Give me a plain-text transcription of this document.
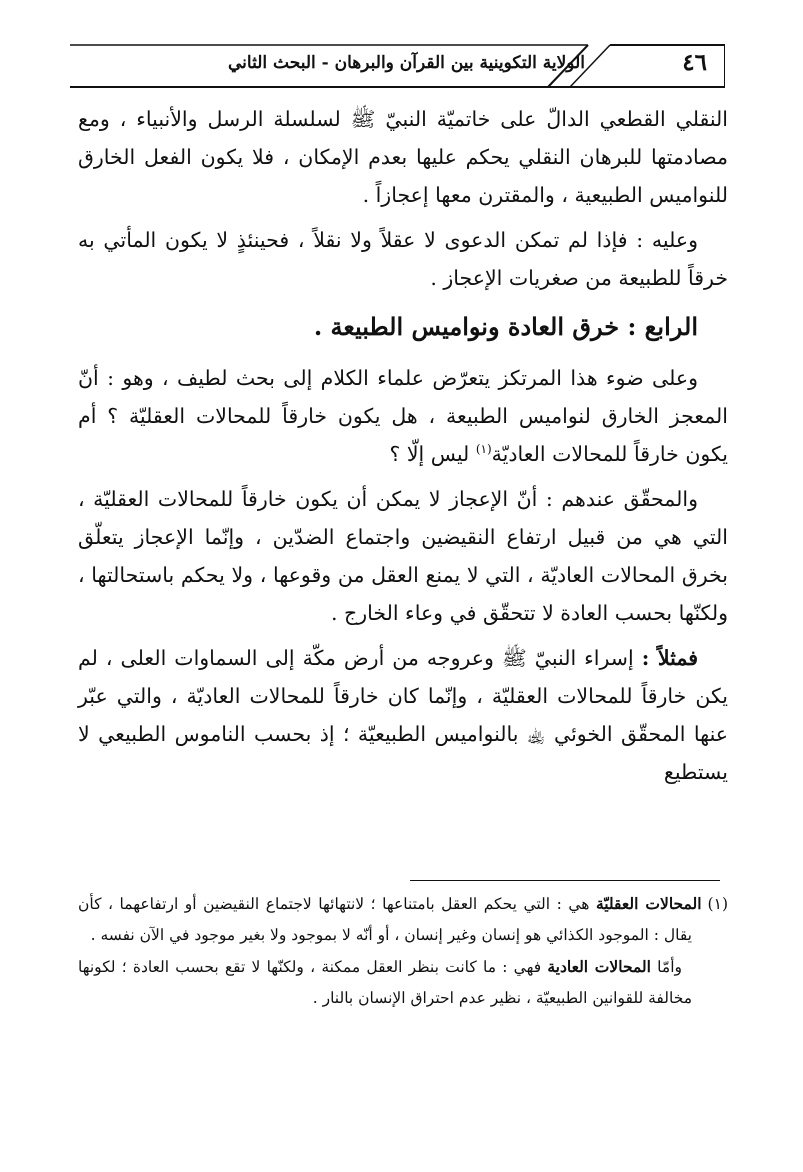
الولاية التكوينية بين القرآن والبرهان - البحث الثاني	٤٦

النقلي القطعي الدالّ على خاتميّة النبيّ ﷺ لسلسلة الرسل والأنبياء ، ومع مصادمتها للبرهان النقلي يحكم عليها بعدم الإمكان ، فلا يكون الفعل الخارق للنواميس الطبيعية ، والمقترن معها إعجازاً .

وعليه : فإذا لم تمكن الدعوى لا عقلاً ولا نقلاً ، فحينئذٍ لا يكون المأتي به خرقاً للطبيعة من صغريات الإعجاز .

الرابع : خرق العادة ونواميس الطبيعة .

وعلى ضوء هذا المرتكز يتعرّض علماء الكلام إلى بحث لطيف ، وهو : أنّ المعجز الخارق لنواميس الطبيعة ، هل يكون خارقاً للمحالات العقليّة ؟ أم يكون خارقاً للمحالات العاديّة$^{(١)}$ ليس إلّا ؟

والمحقّق عندهم : أنّ الإعجاز لا يمكن أن يكون خارقاً للمحالات العقليّة ، التي هي من قبيل ارتفاع النقيضين واجتماع الضدّين ، وإنّما الإعجاز يتعلّق بخرق المحالات العاديّة ، التي لا يمنع العقل من وقوعها ، ولا يحكم باستحالتها ، ولكنّها بحسب العادة لا تتحقّق في وعاء الخارج .

فمثلاً : إسراء النبيّ ﷺ وعروجه من أرض مكّة إلى السماوات العلى ، لم يكن خارقاً للمحالات العقليّة ، وإنّما كان خارقاً للمحالات العاديّة ، والتي عبّر عنها المحقّق الخوئي ﵀ بالنواميس الطبيعيّة ؛ إذ بحسب الناموس الطبيعي لا يستطيع

(١)المحالات العقليّة هي : التي يحكم العقل بامتناعها ؛ لانتهائها لاجتماع النقيضين أو ارتفاعهما ، كأن يقال : الموجود الكذائي هو إنسان وغير إنسان ، أو أنّه لا بموجود ولا بغير موجود في الآن نفسه .

وأمّا المحالات العادية فهي : ما كانت بنظر العقل ممكنة ، ولكنّها لا تقع بحسب العادة ؛ لكونها مخالفة للقوانين الطبيعيّة ، نظير عدم احتراق الإنسان بالنار .
